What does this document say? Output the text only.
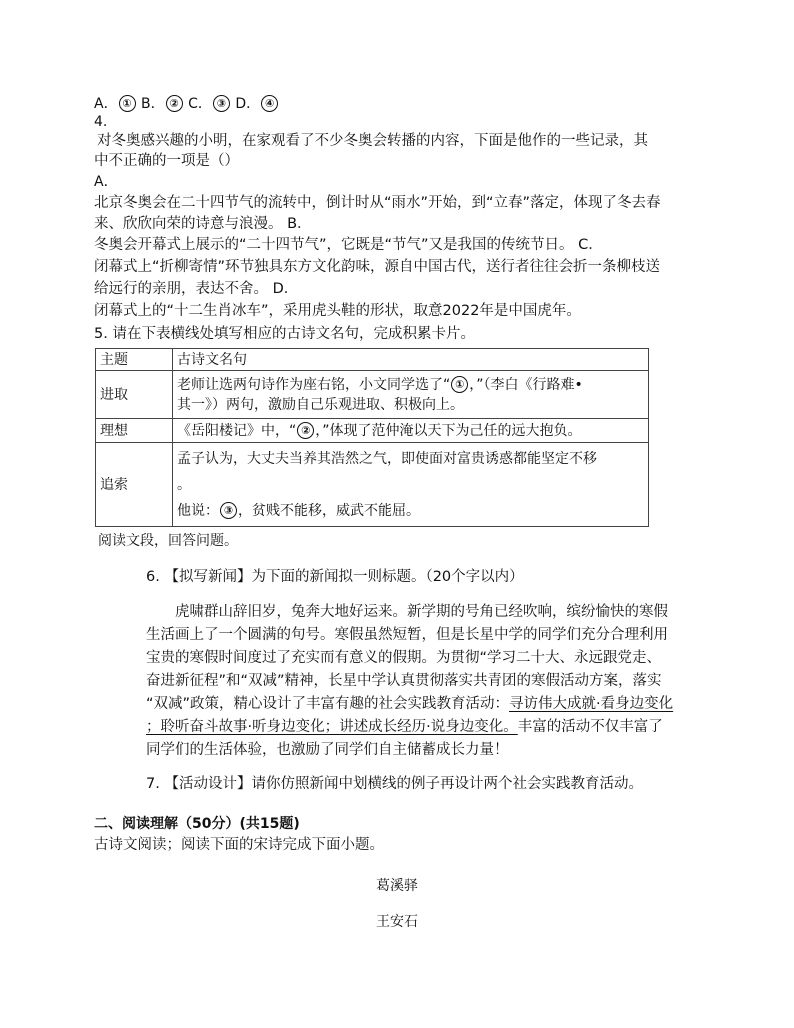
A． ① B． ② C． ③ D． ④
4.
对冬奥感兴趣的小明，在家观看了不少冬奥会转播的内容，下面是他作的一些记录，其
中不正确的一项是（）
A．
北京冬奥会在二十四节气的流转中，倒计时从“雨水”开始，到“立春”落定，体现了冬去春
来、欣欣向荣的诗意与浪漫。 B．
冬奥会开幕式上展示的“二十四节气”，它既是“节气”又是我国的传统节日。 C．
闭幕式上“折柳寄情”环节独具东方文化韵味，源自中国古代，送行者往往会折一条柳枝送
给远行的亲朋，表达不舍。 D．
闭幕式上的“十二生肖冰车”，采用虎头鞋的形状，取意2022年是中国虎年。
5. 请在下表横线处填写相应的古诗文名句，完成积累卡片。
主题	古诗文名句
进取	老师让选两句诗作为座右铭，小文同学选了“ ① ，”（李白《行路难•
其一》）两句，激励自己乐观进取、积极向上。

理想	《岳阳楼记》中，“ ② ，”体现了范仲淹以天下为己任的远大抱负。
追索	孟子认为，大丈夫当养其浩然之气，即使面对富贵诱惑都能坚定不移
。
他说： ③ ，贫贱不能移，威武不能屈。
阅读文段，回答问题。
6. 【拟写新闻】为下面的新闻拟一则标题。（20个字以内）
虎啸群山辞旧岁，兔奔大地好运来。新学期的号角已经吹响，缤纷愉快的寒假
生活画上了一个圆满的句号。寒假虽然短暂，但是长星中学的同学们充分合理利用
宝贵的寒假时间度过了充实而有意义的假期。为贯彻“学习二十大、永远跟党走、
奋进新征程”和“双减”精神，长星中学认真贯彻落实共青团的寒假活动方案，落实
“双减”政策，精心设计了丰富有趣的社会实践教育活动：寻访伟大成就·看身边变化
；聆听奋斗故事·听身边变化；讲述成长经历·说身边变化。丰富的活动不仅丰富了
同学们的生活体验，也激励了同学们自主储蓄成长力量！
7. 【活动设计】请你仿照新闻中划横线的例子再设计两个社会实践教育活动。
二、阅读理解（50分）(共15题)
古诗文阅读；阅读下面的宋诗完成下面小题。
葛溪驿
王安石
